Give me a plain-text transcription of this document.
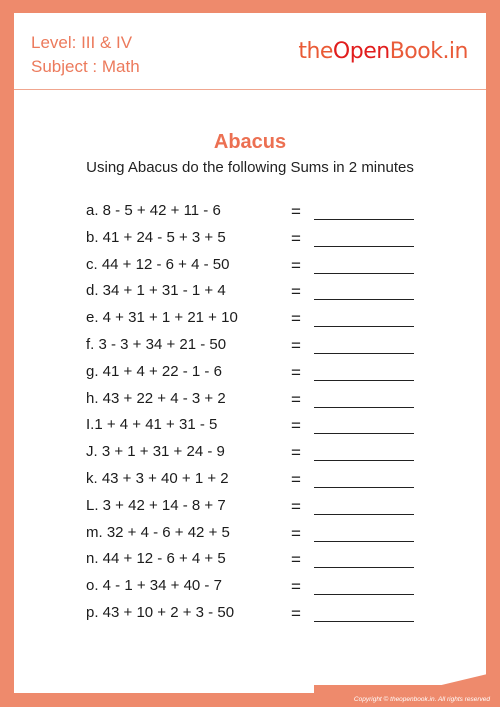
Level: III & IV
Subject : Math
theOpenBook.in
Abacus
Using Abacus do the following Sums in 2 minutes
a. 8 - 5 + 42 + 11 - 6	=
b. 41 + 24 - 5 + 3 + 5	=
c. 44 + 12 - 6 + 4 - 50	=
d. 34 + 1 + 31 - 1 + 4	=
e. 4 + 31 + 1 + 21 + 10	=
f. 3 - 3 + 34 + 21 - 50	=
g. 41 + 4 + 22 - 1 - 6	=
h. 43 + 22 + 4 - 3 + 2	=
I.1 + 4 + 41 + 31 - 5	=
J. 3 + 1 + 31 + 24 - 9	=
k. 43 + 3 + 40 + 1 + 2	=
L. 3 + 42 + 14 - 8 + 7	=
m. 32 + 4 - 6 + 42 + 5	=
n. 44 + 12 - 6 + 4 + 5	=
o. 4 - 1 + 34 + 40 - 7	=
p. 43 + 10 + 2 + 3 - 50	=
Copyright © theopenbook.in. All rights reserved
